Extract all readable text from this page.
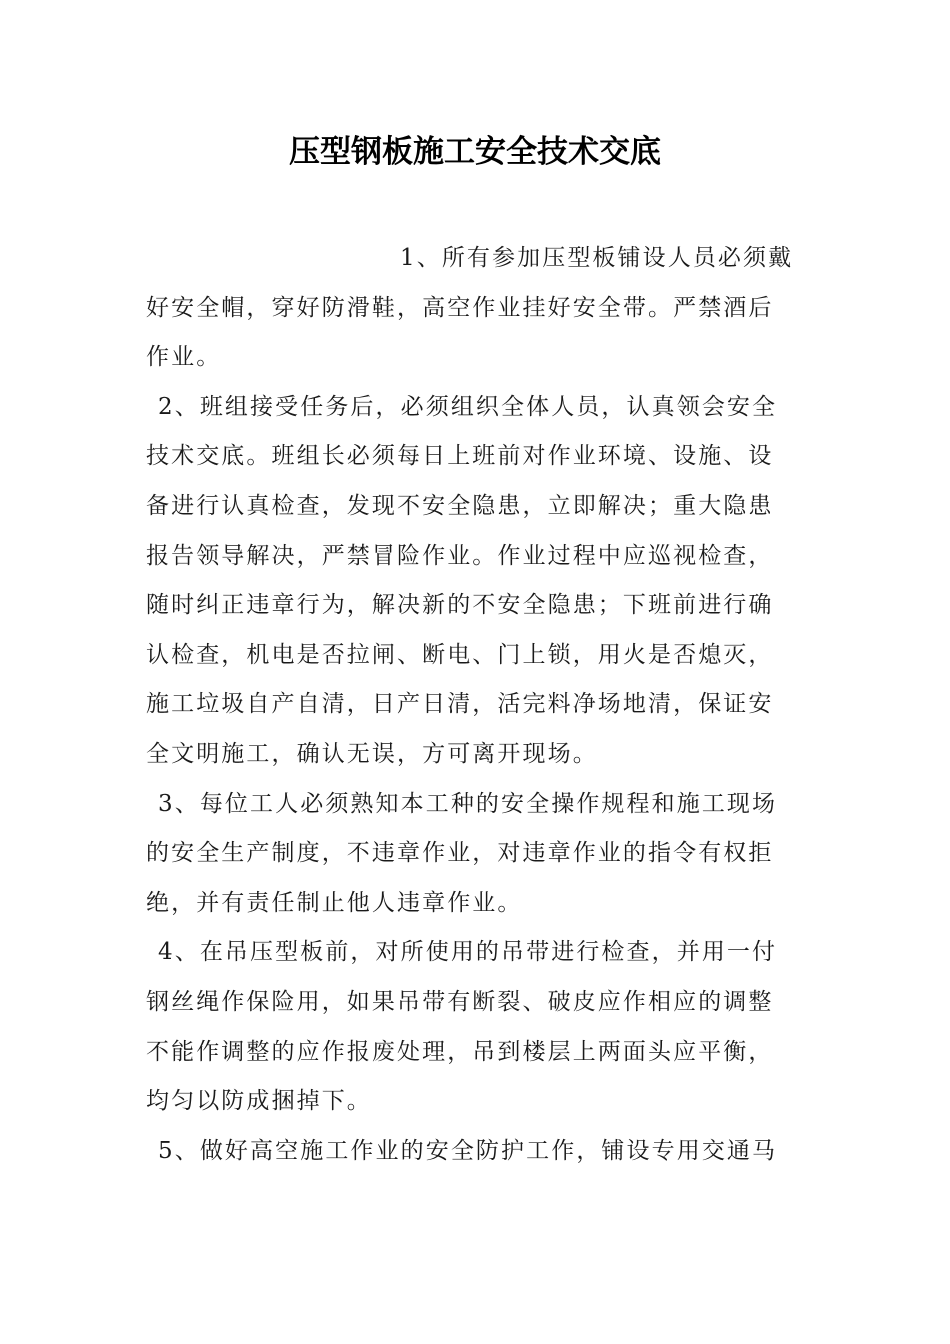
压型钢板施工安全技术交底
1、所有参加压型板铺设人员必须戴
好安全帽，穿好防滑鞋，高空作业挂好安全带。严禁酒后
作业。
2、班组接受任务后，必须组织全体人员，认真领会安全
技术交底。班组长必须每日上班前对作业环境、设施、设
备进行认真检查，发现不安全隐患，立即解决；重大隐患
报告领导解决，严禁冒险作业。作业过程中应巡视检查，
随时纠正违章行为，解决新的不安全隐患；下班前进行确
认检查，机电是否拉闸、断电、门上锁，用火是否熄灭，
施工垃圾自产自清，日产日清，活完料净场地清，保证安
全文明施工，确认无误，方可离开现场。
3、每位工人必须熟知本工种的安全操作规程和施工现场
的安全生产制度，不违章作业，对违章作业的指令有权拒
绝，并有责任制止他人违章作业。
4、在吊压型板前，对所使用的吊带进行检查，并用一付
钢丝绳作保险用，如果吊带有断裂、破皮应作相应的调整
不能作调整的应作报废处理，吊到楼层上两面头应平衡，
均匀以防成捆掉下。
5、做好高空施工作业的安全防护工作，铺设专用交通马
